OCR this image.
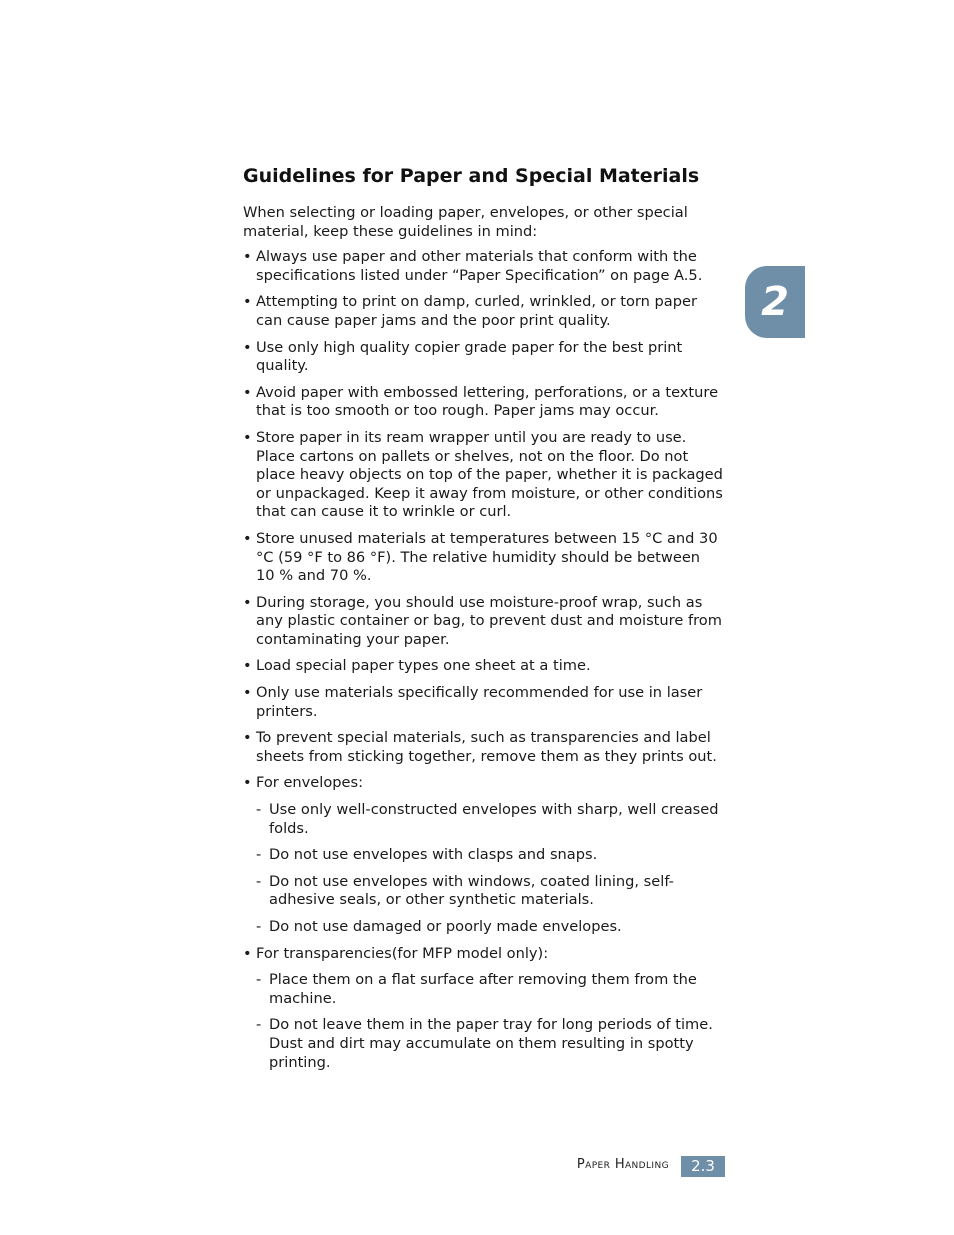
Guidelines for Paper and Special Materials

When selecting or loading paper, envelopes, or other special material, keep these guidelines in mind:

• Always use paper and other materials that conform with the specifications listed under “Paper Specification” on page A.5.
• Attempting to print on damp, curled, wrinkled, or torn paper can cause paper jams and the poor print quality.
• Use only high quality copier grade paper for the best print quality.
• Avoid paper with embossed lettering, perforations, or a texture that is too smooth or too rough. Paper jams may occur.
• Store paper in its ream wrapper until you are ready to use. Place cartons on pallets or shelves, not on the floor. Do not place heavy objects on top of the paper, whether it is packaged or unpackaged. Keep it away from moisture, or other conditions that can cause it to wrinkle or curl.
• Store unused materials at temperatures between 15 °C and 30 °C (59 °F to 86 °F). The relative humidity should be between 10 % and 70 %.
• During storage, you should use moisture-proof wrap, such as any plastic container or bag, to prevent dust and moisture from contaminating your paper.
• Load special paper types one sheet at a time.
• Only use materials specifically recommended for use in laser printers.
• To prevent special materials, such as transparencies and label sheets from sticking together, remove them as they prints out.
• For envelopes:
- Use only well-constructed envelopes with sharp, well creased folds.
- Do not use envelopes with clasps and snaps.
- Do not use envelopes with windows, coated lining, self-adhesive seals, or other synthetic materials.
- Do not use damaged or poorly made envelopes.
• For transparencies(for MFP model only):
- Place them on a flat surface after removing them from the machine.
- Do not leave them in the paper tray for long periods of time. Dust and dirt may accumulate on them resulting in spotty printing.
2
Paper Handling	2.3
